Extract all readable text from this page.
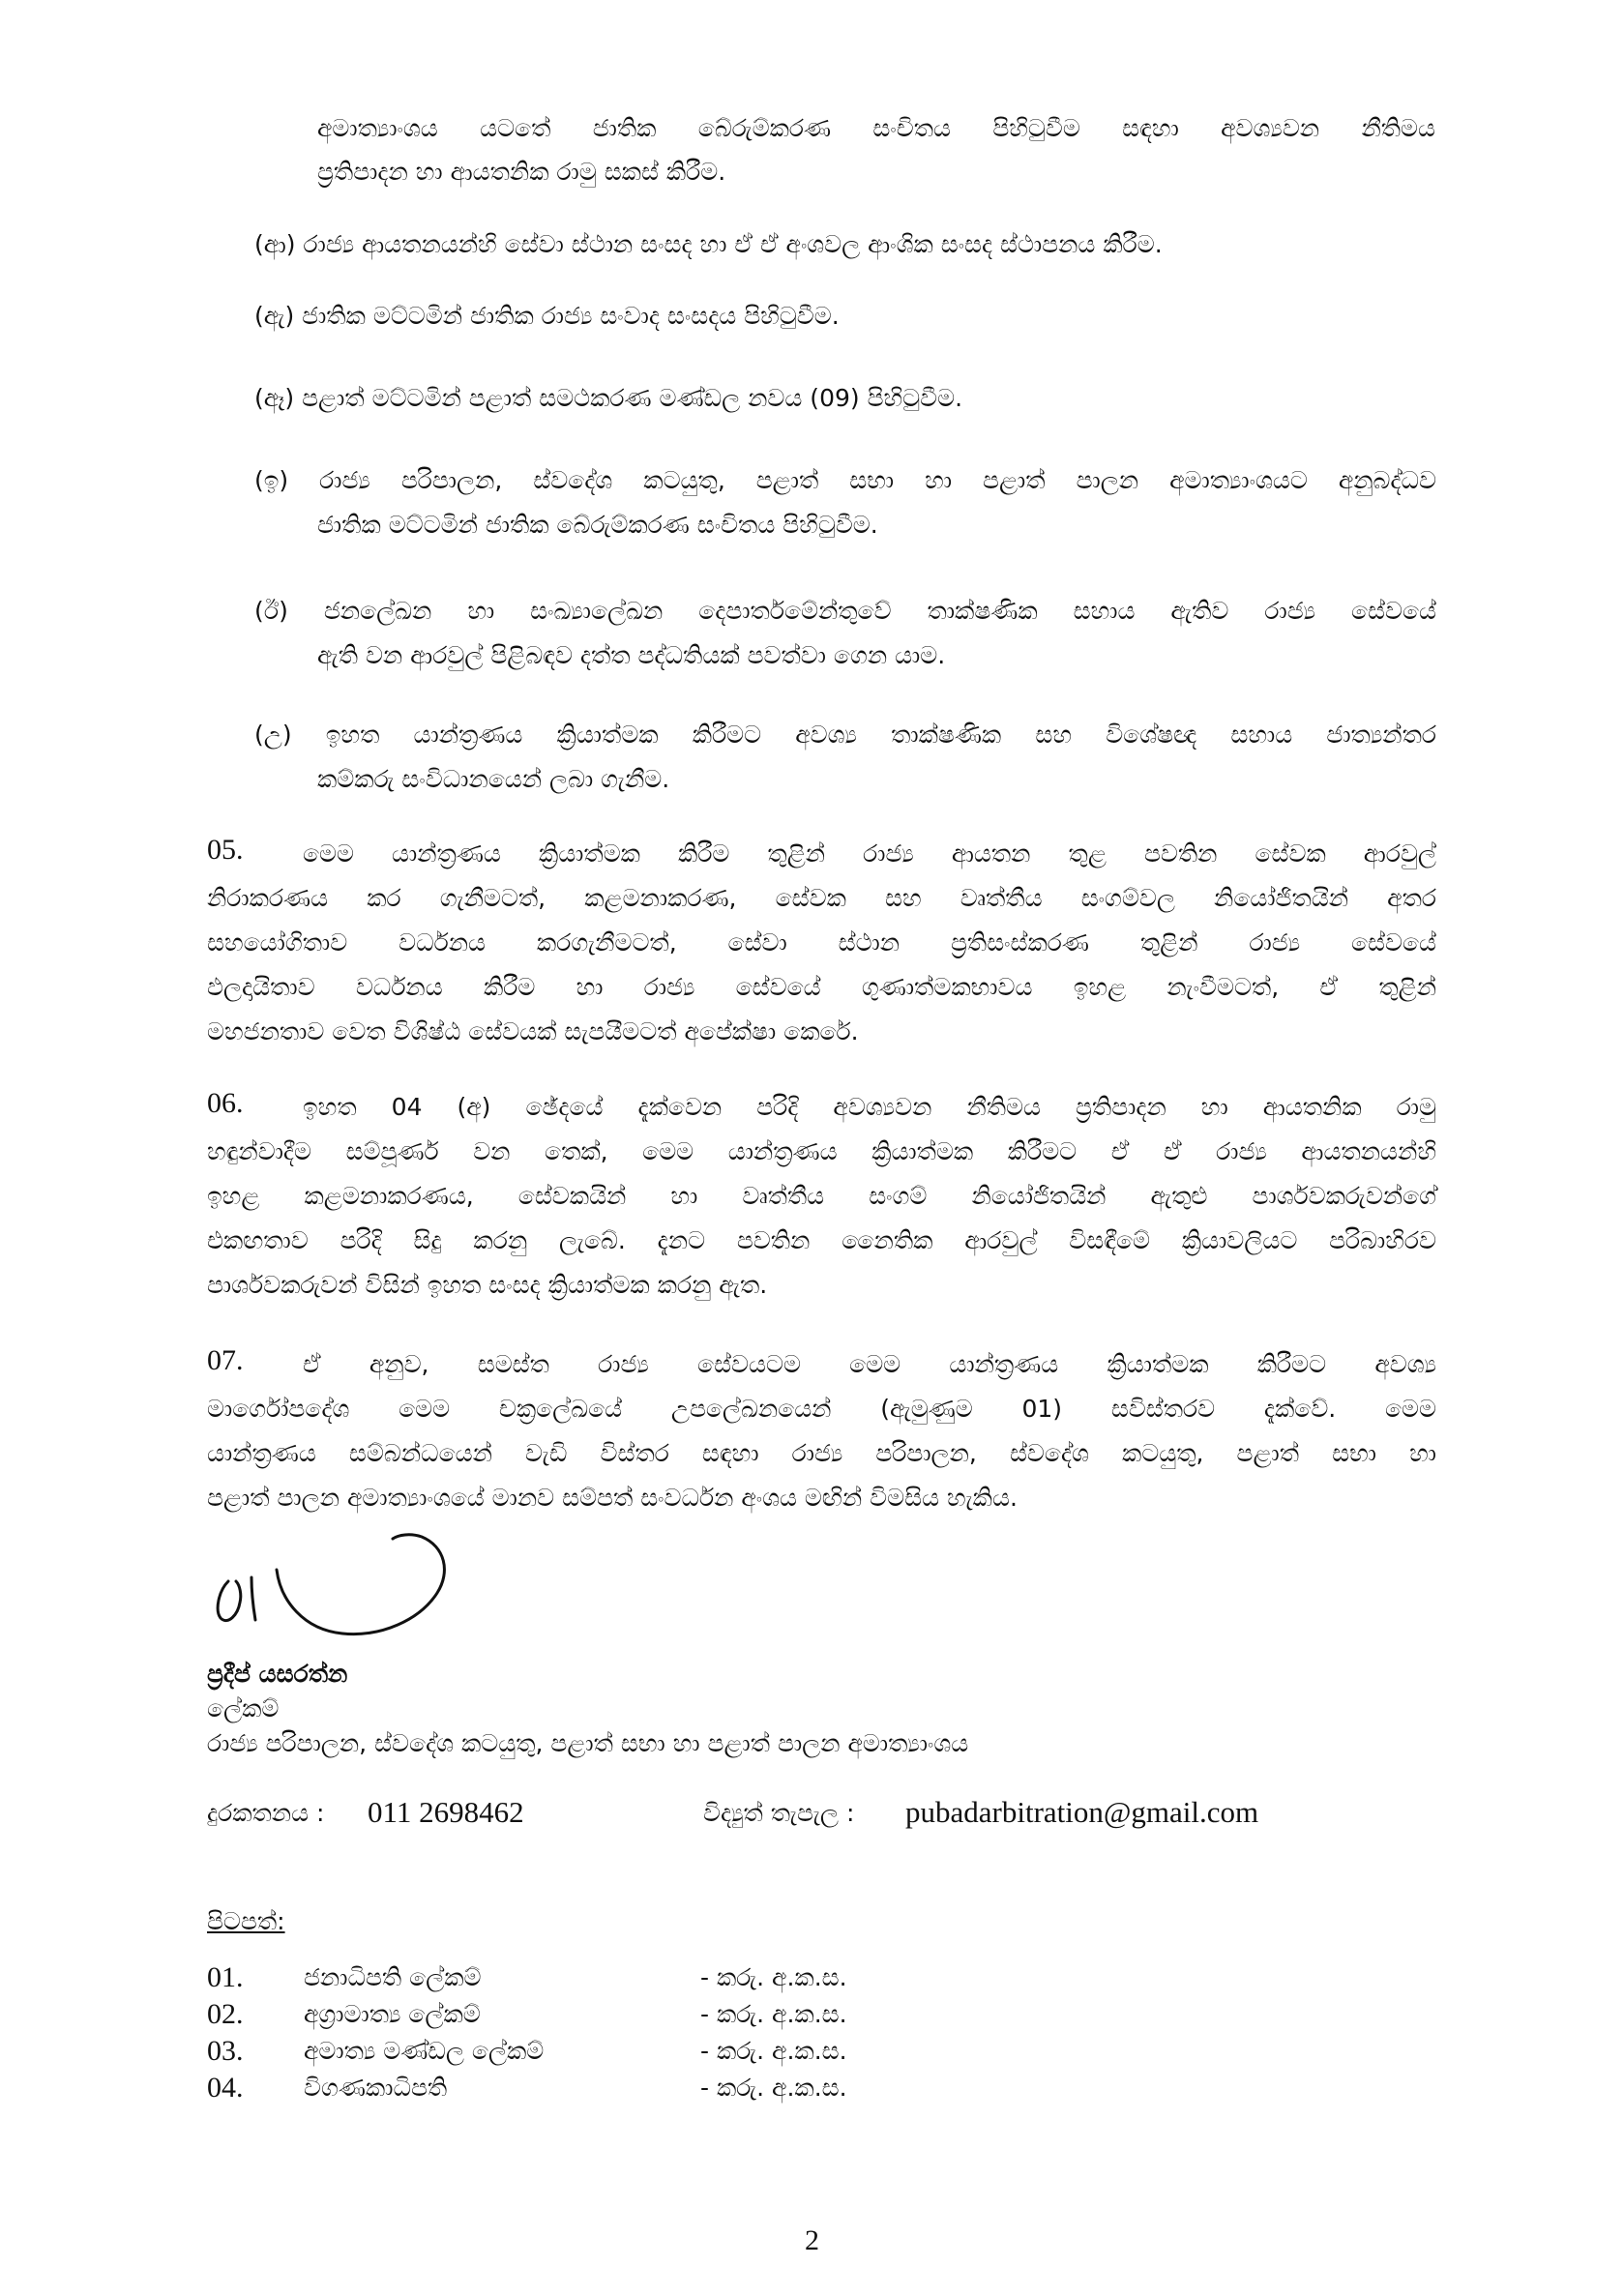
අමාත්‍යාංශය යටතේ ජාතික බේරුම්කරණ සංචිතය පිහිටුවීම සඳහා අවශ්‍යවන නීතිමය
ප්‍රතිපාදන හා ආයතනික රාමු සකස් කිරීම.
(ආ) රාජ්‍ය ආයතනයන්හි සේවා ස්ථාන සංසද හා ඒ ඒ අංශවල ආංශික සංසද ස්ථාපනය කිරීම.
(ඇ) ජාතික මට්ටමින් ජාතික රාජ්‍ය සංවාද සංසදය පිහිටුවීම.
(ඈ) පළාත් මට්ටමින් පළාත් සමථකරණ මණ්ඩල නවය (09) පිහිටුවීම.
(ඉ) රාජ්‍ය පරිපාලන, ස්වදේශ කටයුතු, පළාත් සභා හා පළාත් පාලන අමාත්‍යාංශයට අනුබද්ධව
ජාතික මට්ටමින් ජාතික බේරුම්කරණ සංචිතය පිහිටුවීම.
(ඊ) ජනලේඛන හා සංඛ්‍යාලේඛන දෙපාර්තමේන්තුවේ තාක්ෂණික සහාය ඇතිව රාජ්‍ය සේවයේ
ඇති වන ආරවුල් පිළිබඳව දත්ත පද්ධතියක් පවත්වා ගෙන යාම.
(උ) ඉහත යාන්ත්‍රණය ක්‍රියාත්මක කිරීමට අවශ්‍ය තාක්ෂණික සහ විශේෂඥ සහාය ජාත්‍යන්තර
කම්කරු සංවිධානයෙන් ලබා ගැනීම.
05. මෙම යාන්ත්‍රණය ක්‍රියාත්මක කිරීම තුළින් රාජ්‍ය ආයතන තුළ පවතින සේවක ආරවුල්
නිරාකරණය කර ගැනීමටත්, කළමනාකරණ, සේවක සහ වෘත්තීය සංගම්වල නියෝජිතයින් අතර
සහයෝගිතාව වර්ධනය කරගැනීමටත්, සේවා ස්ථාන ප්‍රතිසංස්කරණ තුළින් රාජ්‍ය සේවයේ
ඵලදායිතාව වර්ධනය කිරීම හා රාජ්‍ය සේවයේ ගුණාත්මකභාවය ඉහළ නැංවීමටත්, ඒ තුළින්
මහජනතාව වෙත විශිෂ්ඨ සේවයක් සැපයීමටත් අපේක්ෂා කෙරේ.
06. ඉහත 04 (අ) ඡේදයේ දැක්වෙන පරිදි අවශ්‍යවන නීතිමය ප්‍රතිපාදන හා ආයතනික රාමු
හඳුන්වාදීම සම්පූර්ණ වන තෙක්, මෙම යාන්ත්‍රණය ක්‍රියාත්මක කිරීමට ඒ ඒ රාජ්‍ය ආයතනයන්හි
ඉහළ කළමනාකරණය, සේවකයින් හා වෘත්තීය සංගම් නියෝජිතයින් ඇතුළු පාර්ශවකරුවන්ගේ
එකඟතාව පරිදි සිදු කරනු ලැබේ. දැනට පවතින නෛතික ආරවුල් විසඳීමේ ක්‍රියාවලියට පරිබාහිරව
පාර්ශවකරුවන් විසින් ඉහත සංසද ක්‍රියාත්මක කරනු ඇත.
07. ඒ අනුව, සමස්ත රාජ්‍ය සේවයටම මෙම යාන්ත්‍රණය ක්‍රියාත්මක කිරීමට අවශ්‍ය
මාර්ගෝපදේශ මෙම චක්‍රලේඛයේ උපලේඛනයෙන් (ඇමුණුම 01) සවිස්තරව දැක්වේ. මෙම
යාන්ත්‍රණය සම්බන්ධයෙන් වැඩි විස්තර සඳහා රාජ්‍ය පරිපාලන, ස්වදේශ කටයුතු, පළාත් සභා හා
පළාත් පාලන අමාත්‍යාංශයේ මානව සම්පත් සංවර්ධන අංශය මඟින් විමසිය හැකිය.
ප්‍රදීප් යසරත්න
ලේකම්
රාජ්‍ය පරිපාලන, ස්වදේශ කටයුතු, පළාත් සභා හා පළාත් පාලන අමාත්‍යාංශය
දුරකතනය : 011 2698462	විද්‍යුත් තැපැල : pubadarbitration@gmail.com
පිටපත්:
01.	ජනාධිපති ලේකම්	- කරු. අ.ක.ස.
02.	අග්‍රාමාත්‍ය ලේකම්	- කරු. අ.ක.ස.
03.	අමාත්‍ය මණ්ඩල ලේකම්	- කරු. අ.ක.ස.
04.	විගණකාධිපති	- කරු. අ.ක.ස.
2
